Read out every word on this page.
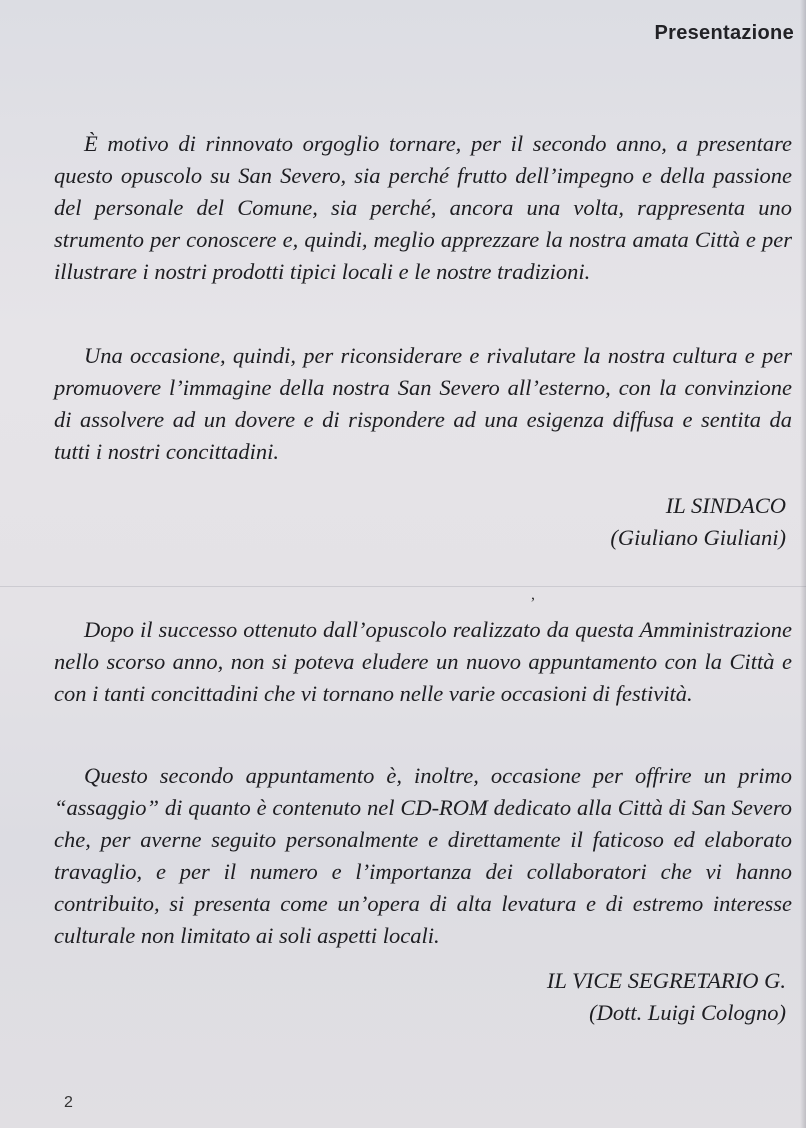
Presentazione

È motivo di rinnovato orgoglio tornare, per il secondo anno, a presentare questo opuscolo su San Severo, sia perché frutto dell’impegno e della passione del personale del Comune, sia perché, ancora una volta, rappresenta uno strumento per conoscere e, quindi, meglio apprezzare la nostra amata Città e per illustrare i nostri prodotti tipici locali e le nostre tradizioni.

Una occasione, quindi, per riconsiderare e rivalutare la nostra cultura e per promuovere l’immagine della nostra San Severo all’esterno, con la convinzione di assolvere ad un dovere e di rispondere ad una esigenza diffusa e sentita da tutti i nostri concittadini.

IL SINDACO
(Giuliano Giuliani)
,

Dopo il successo ottenuto dall’opuscolo realizzato da questa Amministrazione nello scorso anno, non si poteva eludere un nuovo appuntamento con la Città e con i tanti concittadini che vi tornano nelle varie occasioni di festività.

Questo secondo appuntamento è, inoltre, occasione per offrire un primo “assaggio” di quanto è contenuto nel CD-ROM dedicato alla Città di San Severo che, per averne seguito personalmente e direttamente il faticoso ed elaborato travaglio, e per il numero e l’importanza dei collaboratori che vi hanno contribuito, si presenta come un’opera di alta levatura e di estremo interesse culturale non limitato ai soli aspetti locali.

IL VICE SEGRETARIO G.
(Dott. Luigi Cologno)
2
